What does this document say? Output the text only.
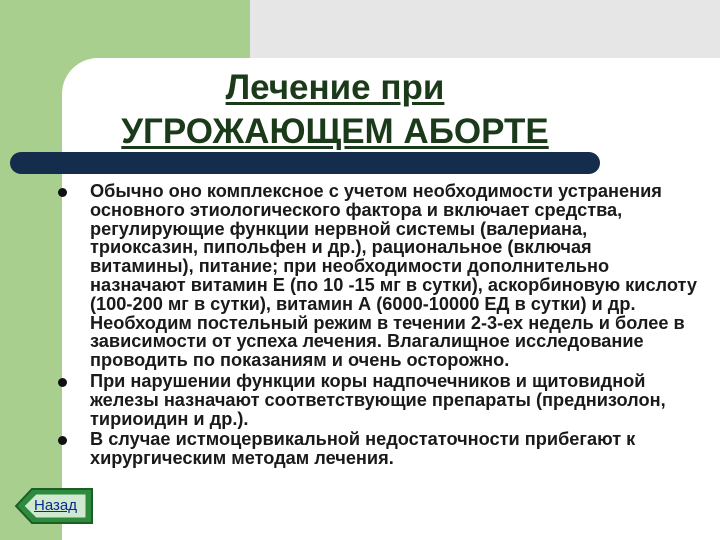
Лечение при
УГРОЖАЮЩЕМ АБОРТЕ
Обычно оно комплексное с учетом необходимости устранения основного этиологического фактора и включает средства, регулирующие функции нервной системы (валериана, триоксазин, пипольфен и др.), рациональное (включая витамины), питание; при необходимости дополнительно назначают витамин Е (по 10 -15 мг в сутки), аскорбиновую кислоту (100-200 мг в сутки), витамин А (6000-10000 ЕД в сутки) и др. Необходим постельный режим в течении 2-3-ех недель и более в зависимости от успеха лечения. Влагалищное исследование проводить по показаниям и очень осторожно.
При нарушении функции коры надпочечников и щитовидной железы назначают соответствующие препараты (преднизолон, тириоидин и др.).
В случае истмоцервикальной недостаточности прибегают к хирургическим методам лечения.
Назад
